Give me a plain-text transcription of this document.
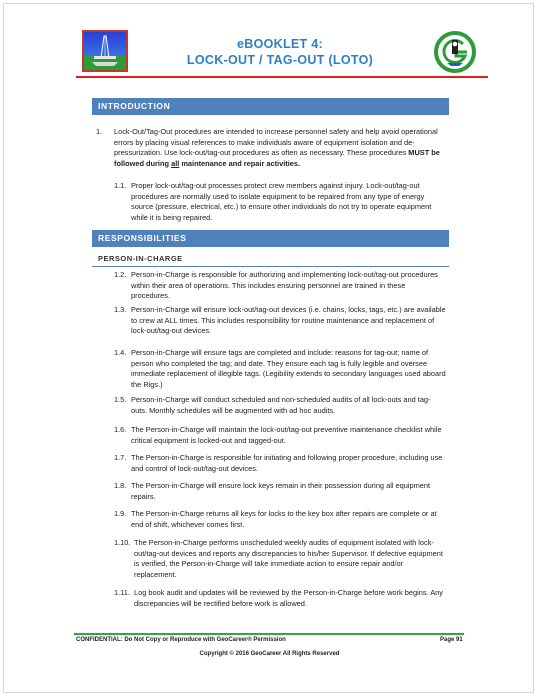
eBOOKLET 4:
LOCK-OUT / TAG-OUT (LOTO)
INTRODUCTION
1.	Lock-Out/Tag-Out procedures are intended to increase personnel safety and help avoid operational errors by placing visual references to make individuals aware of equipment isolation and de-pressurization. Use lock-out/tag-out procedures as often as necessary. These procedures MUST be followed during all maintenance and repair activities.
1.1. Proper lock-out/tag-out processes protect crew members against injury. Lock-out/tag-out procedures are normally used to isolate equipment to be repaired from any type of energy source (pressure, electrical, etc.) to ensure other individuals do not try to operate equipment while it is being repaired.
RESPONSIBILITIES
PERSON-IN-CHARGE
1.2. Person-in-Charge is responsible for authorizing and implementing lock-out/tag-out procedures within their area of operations. This includes ensuring personnel are trained in these procedures.
1.3. Person-in-Charge will ensure lock-out/tag-out devices (i.e. chains, locks, tags, etc.) are available to crew at ALL times. This includes responsibility for routine maintenance and replacement of lock-out/tag-out devices.
1.4. Person-in-Charge will ensure tags are completed and include: reasons for tag-out; name of person who completed the tag; and date. They ensure each tag is fully legible and oversee immediate replacement of illegible tags. (Legibility extends to secondary languages used aboard the Rigs.)
1.5. Person-in-Charge will conduct scheduled and non-scheduled audits of all lock-outs and tag-outs. Monthly schedules will be augmented with ad hoc audits.
1.6. The Person-in-Charge will maintain the lock-out/tag-out preventive maintenance checklist while critical equipment is locked-out and tagged-out.
1.7. The Person-in-Charge is responsible for initiating and following proper procedure, including use and control of lock-out/tag-out devices.
1.8. The Person-in-Charge will ensure lock keys remain in their possession during all equipment repairs.
1.9. The Person-in-Charge returns all keys for locks to the key box after repairs are complete or at end of shift, whichever comes first.
1.10. The Person-in-Charge performs unscheduled weekly audits of equipment isolated with lock-out/tag-out devices and reports any discrepancies to his/her Supervisor. If defective equipment is verified, the Person-in-Charge will take immediate action to ensure repair and/or replacement.
1.11. Log book audit and updates will be reviewed by the Person-in-Charge before work begins. Any discrepancies will be rectified before work is allowed.
CONFIDENTIAL: Do Not Copy or Reproduce with GeoCareer® Permission	Page 91
Copyright © 2016 GeoCareer All Rights Reserved
